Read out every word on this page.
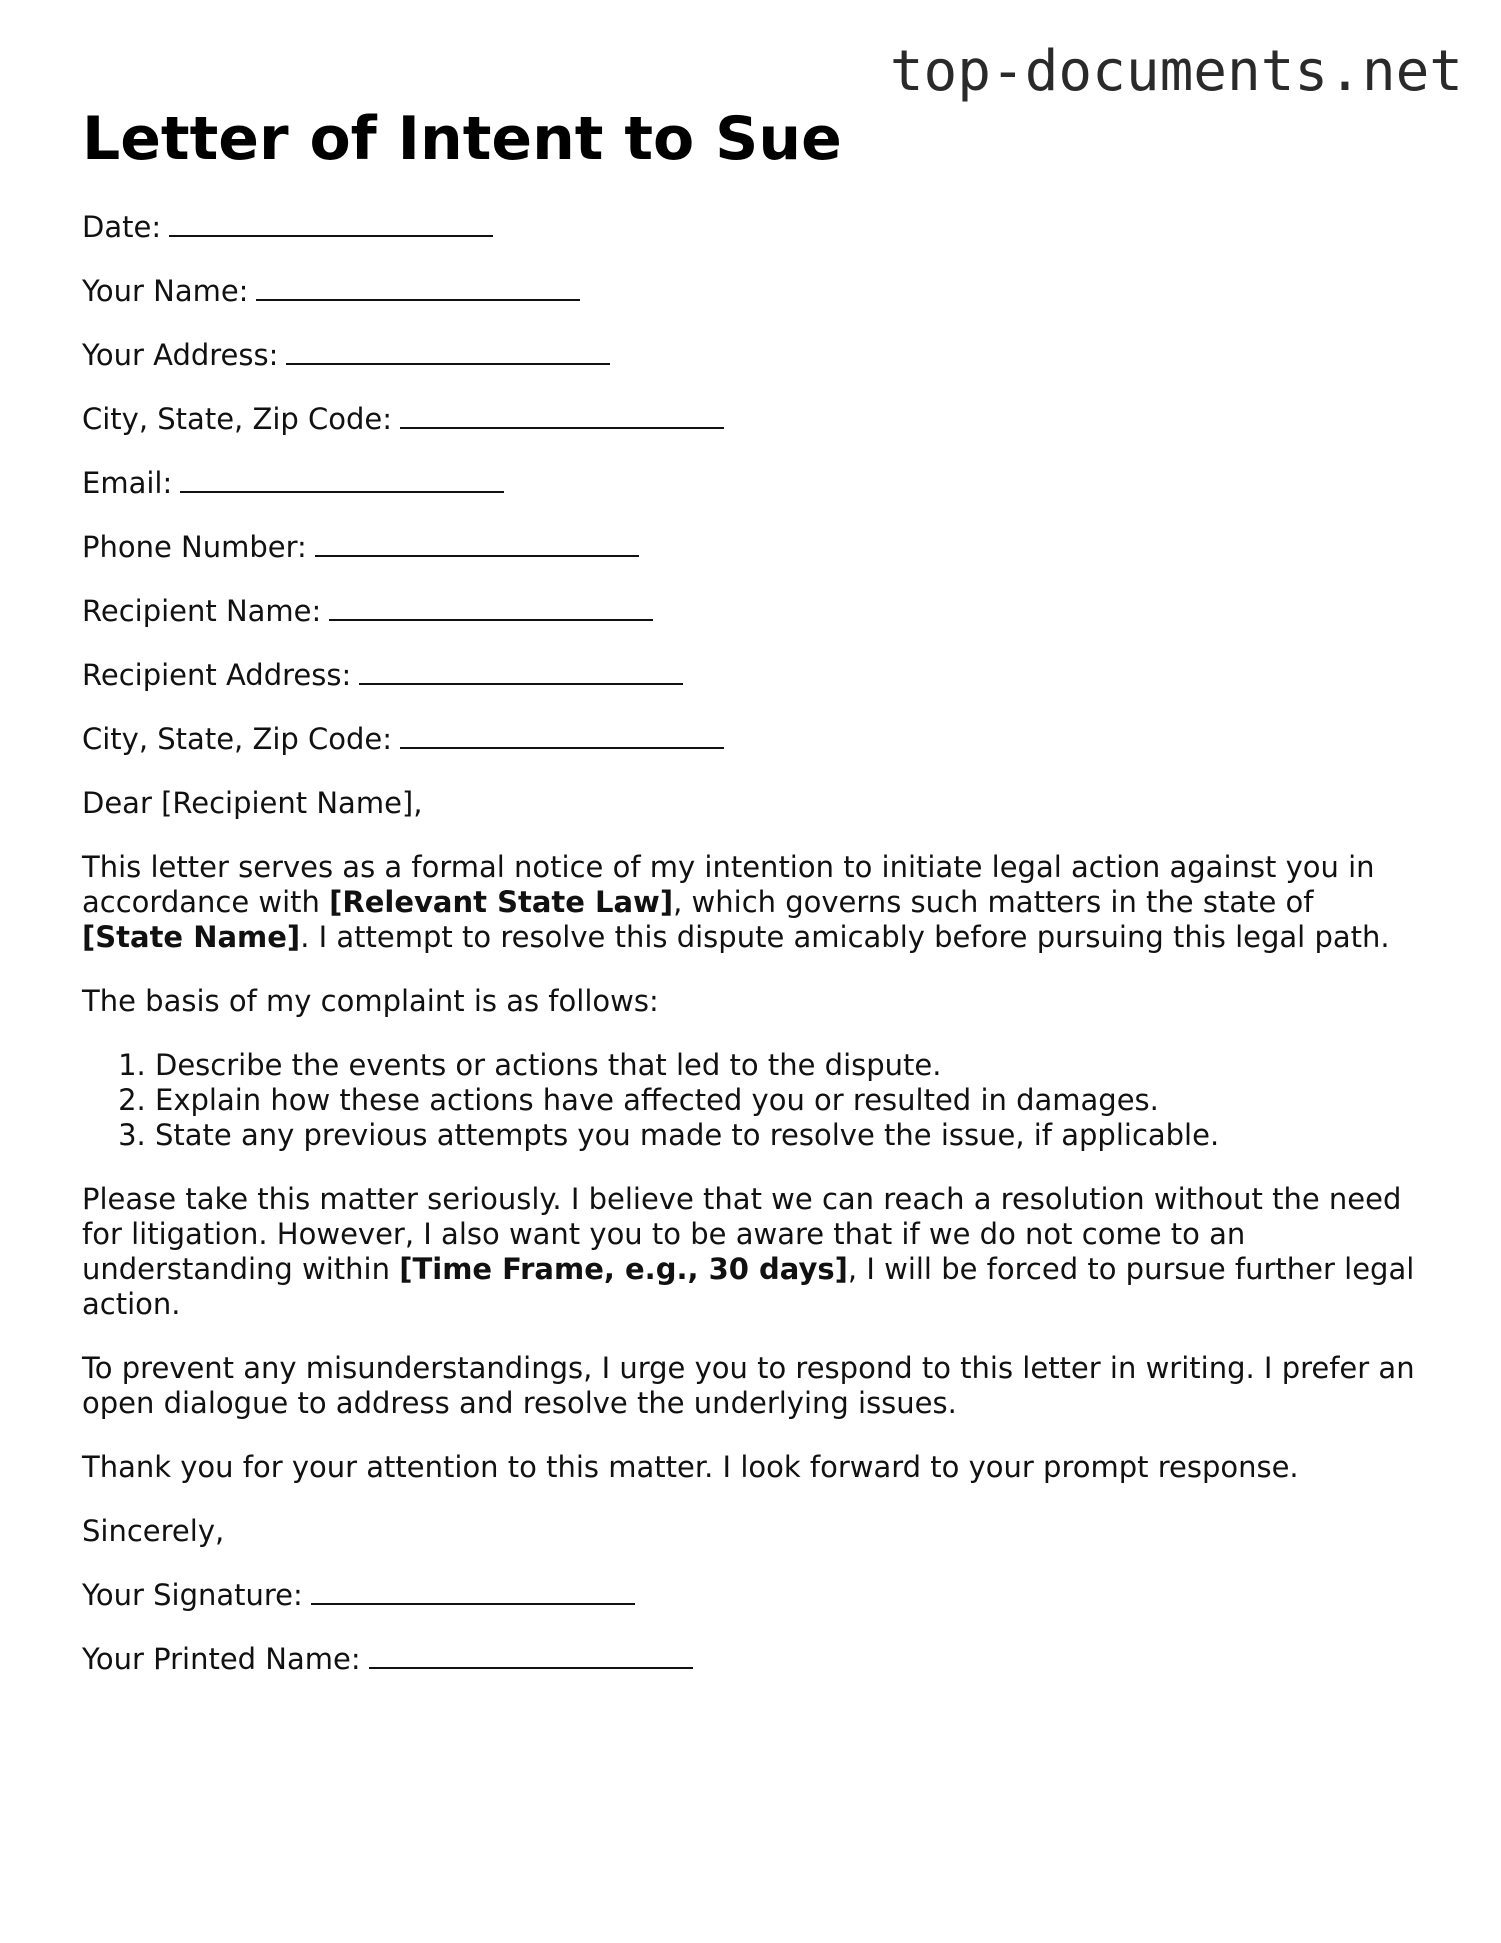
top-documents.net
Letter of Intent to Sue
Date:
Your Name:
Your Address:
City, State, Zip Code:
Email:
Phone Number:
Recipient Name:
Recipient Address:
City, State, Zip Code:

Dear [Recipient Name],

This letter serves as a formal notice of my intention to initiate legal action against you in accordance with [Relevant State Law], which governs such matters in the state of [State Name]. I attempt to resolve this dispute amicably before pursuing this legal path.

The basis of my complaint is as follows:

1. Describe the events or actions that led to the dispute.
2. Explain how these actions have affected you or resulted in damages.
3. State any previous attempts you made to resolve the issue, if applicable.

Please take this matter seriously. I believe that we can reach a resolution without the need for litigation. However, I also want you to be aware that if we do not come to an understanding within [Time Frame, e.g., 30 days], I will be forced to pursue further legal action.

To prevent any misunderstandings, I urge you to respond to this letter in writing. I prefer an open dialogue to address and resolve the underlying issues.

Thank you for your attention to this matter. I look forward to your prompt response.

Sincerely,

Your Signature:
Your Printed Name:
